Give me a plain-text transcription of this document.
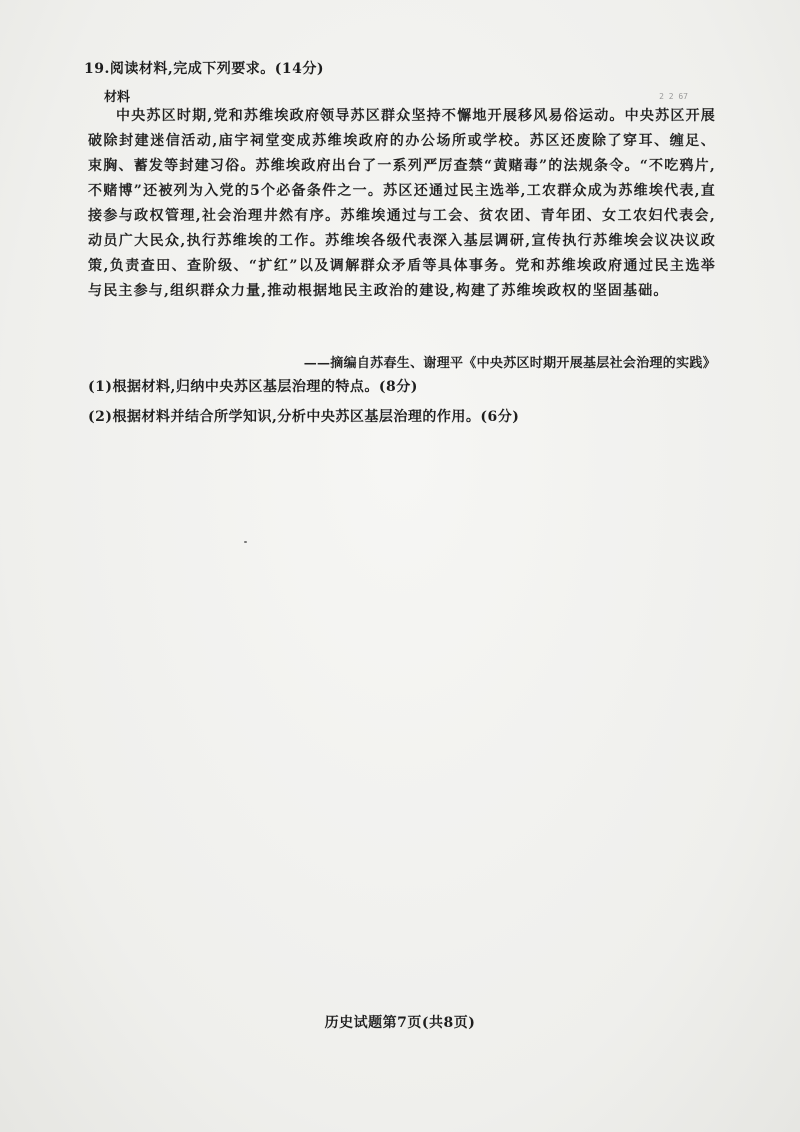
19.阅读材料,完成下列要求。(14分)
材料	2 2 67
中央苏区时期,党和苏维埃政府领导苏区群众坚持不懈地开展移风易俗运动。中央苏区开展破除封建迷信活动,庙宇祠堂变成苏维埃政府的办公场所或学校。苏区还废除了穿耳、缠足、束胸、蓄发等封建习俗。苏维埃政府出台了一系列严厉查禁“黄赌毒”的法规条令。“不吃鸦片,不赌博”还被列为入党的5个必备条件之一。苏区还通过民主选举,工农群众成为苏维埃代表,直接参与政权管理,社会治理井然有序。苏维埃通过与工会、贫农团、青年团、女工农妇代表会,动员广大民众,执行苏维埃的工作。苏维埃各级代表深入基层调研,宣传执行苏维埃会议决议政策,负责查田、查阶级、“扩红”以及调解群众矛盾等具体事务。党和苏维埃政府通过民主选举与民主参与,组织群众力量,推动根据地民主政治的建设,构建了苏维埃政权的坚固基础。
——摘编自苏春生、谢理平《中央苏区时期开展基层社会治理的实践》
(1)根据材料,归纳中央苏区基层治理的特点。(8分)
(2)根据材料并结合所学知识,分析中央苏区基层治理的作用。(6分)
历史试题第7页(共8页)
